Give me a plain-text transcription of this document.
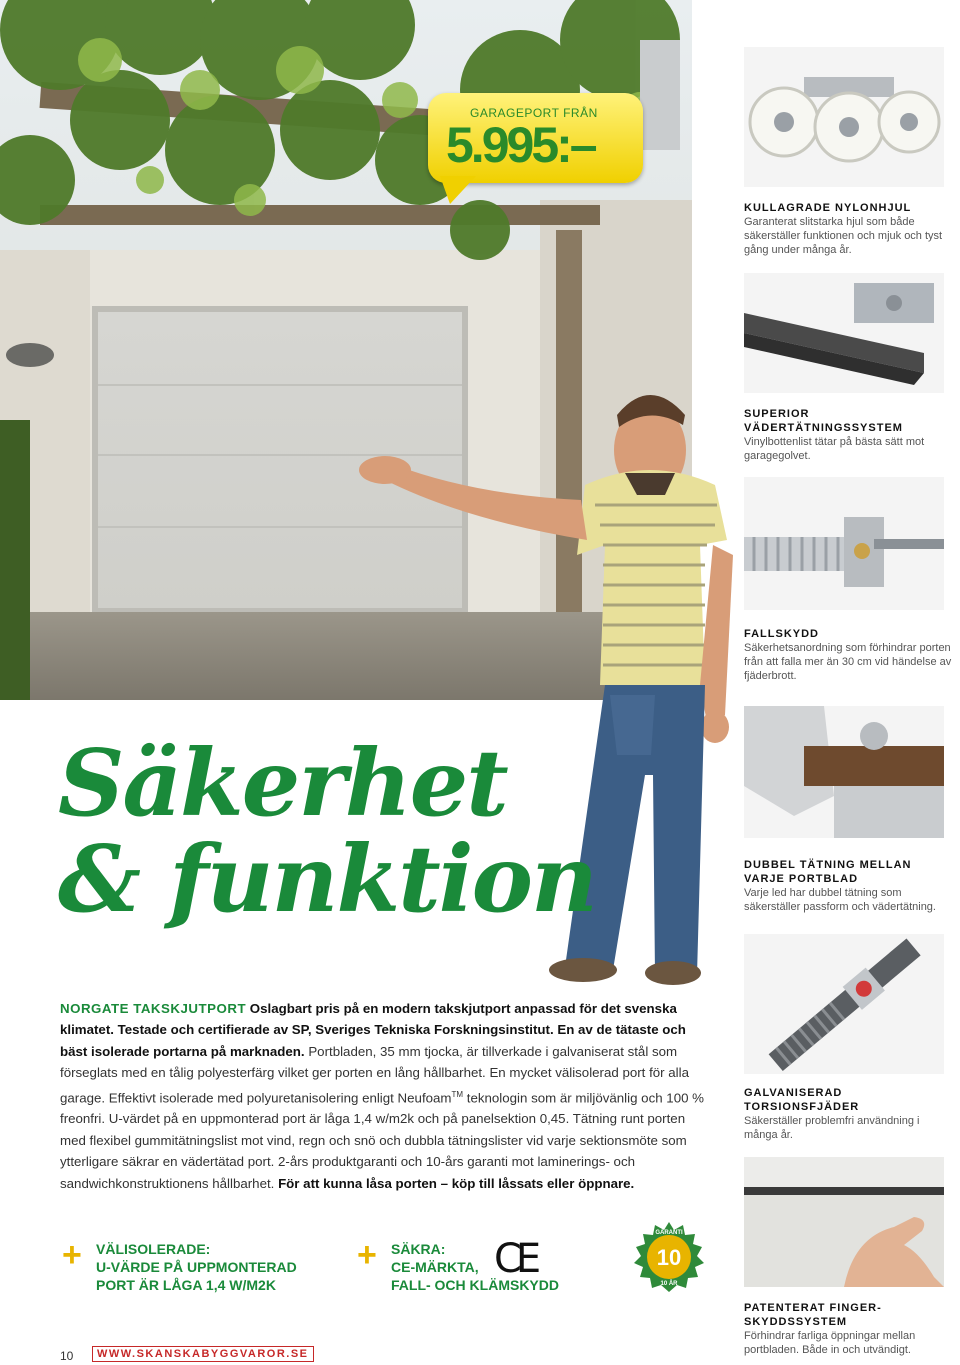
GARAGEPORT FRÅN
5.995:–
KULLAGRADE NYLONHJUL
Garanterat slitstarka hjul som både säkerställer funktionen och mjuk och tyst gång under många år.
SUPERIOR VÄDERTÄTNINGSSYSTEM
Vinylbottenlist tätar på bästa sätt mot garagegolvet.
FALLSKYDD
Säkerhetsanordning som förhindrar porten från att falla mer än 30 cm vid händelse av fjäderbrott.
DUBBEL TÄTNING MELLAN VARJE PORTBLAD
Varje led har dubbel tätning som säkerställer passform och vädertätning.
GALVANISERAD TORSIONSFJÄDER
Säkerställer problemfri användning i många år.
PATENTERAT FINGER-SKYDDSSYSTEM
Förhindrar farliga öppningar mellan portbladen. Både in och utvändigt.
Säkerhet
& funktion
NORGATE TAKSKJUTPORT Oslagbart pris på en modern takskjutport anpassad för det svenska klimatet. Testade och certifierade av SP, Sveriges Tekniska Forskningsinstitut. En av de tätaste och bäst isolerade portarna på marknaden. Portbladen, 35 mm tjocka, är tillverkade i galvaniserat stål som förseglats med en tålig polyesterfärg vilket ger porten en lång hållbarhet. En mycket välisolerad port för alla garage. Effektivt isolerade med polyuretanisolering enligt Neufoam™ teknologin som är miljövänlig och 100 % freonfri. U-värdet på en uppmonterad port är låga 1,4 w/m2k och på panelsektion 0,45. Tätning runt porten med flexibel gummitätningslist mot vind, regn och snö och dubbla tätningslister vid varje sektionsmöte som ytterligare säkrar en vädertätad port. 2-års produktgaranti och 10-års garanti mot laminerings- och sandwichkonstruktionens hållbarhet. För att kunna låsa porten – köp till låssats eller öppnare.
+ VÄLISOLERADE:
U-VÄRDE PÅ UPPMONTERAD
PORT ÄR LÅGA 1,4 W/M2K
+ SÄKRA:
CE-MÄRKTA,
FALL- OCH KLÄMSKYDD
CE	10
GARANTI
10 ÅR
10	WWW.SKANSKABYGGVAROR.SE
